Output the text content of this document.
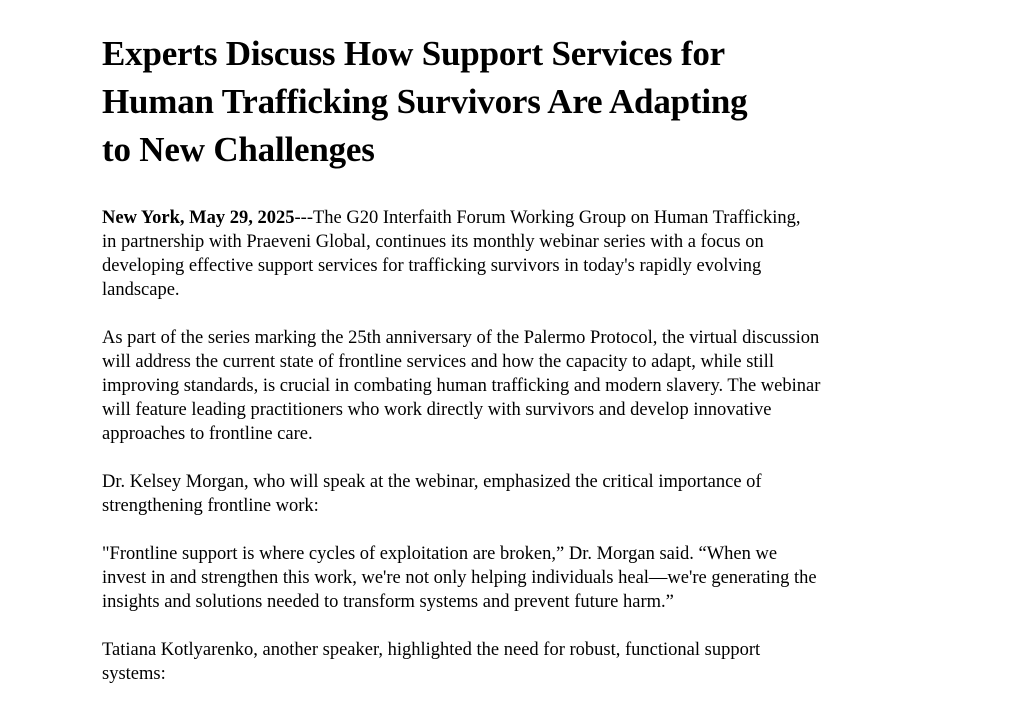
Experts Discuss How Support Services for
Human Trafficking Survivors Are Adapting
to New Challenges

New York, May 29, 2025---The G20 Interfaith Forum Working Group on Human Trafficking,
in partnership with Praeveni Global, continues its monthly webinar series with a focus on
developing effective support services for trafficking survivors in today's rapidly evolving
landscape.

As part of the series marking the 25th anniversary of the Palermo Protocol, the virtual discussion
will address the current state of frontline services and how the capacity to adapt, while still
improving standards, is crucial in combating human trafficking and modern slavery. The webinar
will feature leading practitioners who work directly with survivors and develop innovative
approaches to frontline care.

Dr. Kelsey Morgan, who will speak at the webinar, emphasized the critical importance of
strengthening frontline work:

"Frontline support is where cycles of exploitation are broken,” Dr. Morgan said. “When we
invest in and strengthen this work, we're not only helping individuals heal—we're generating the
insights and solutions needed to transform systems and prevent future harm.”

Tatiana Kotlyarenko, another speaker, highlighted the need for robust, functional support
systems:
